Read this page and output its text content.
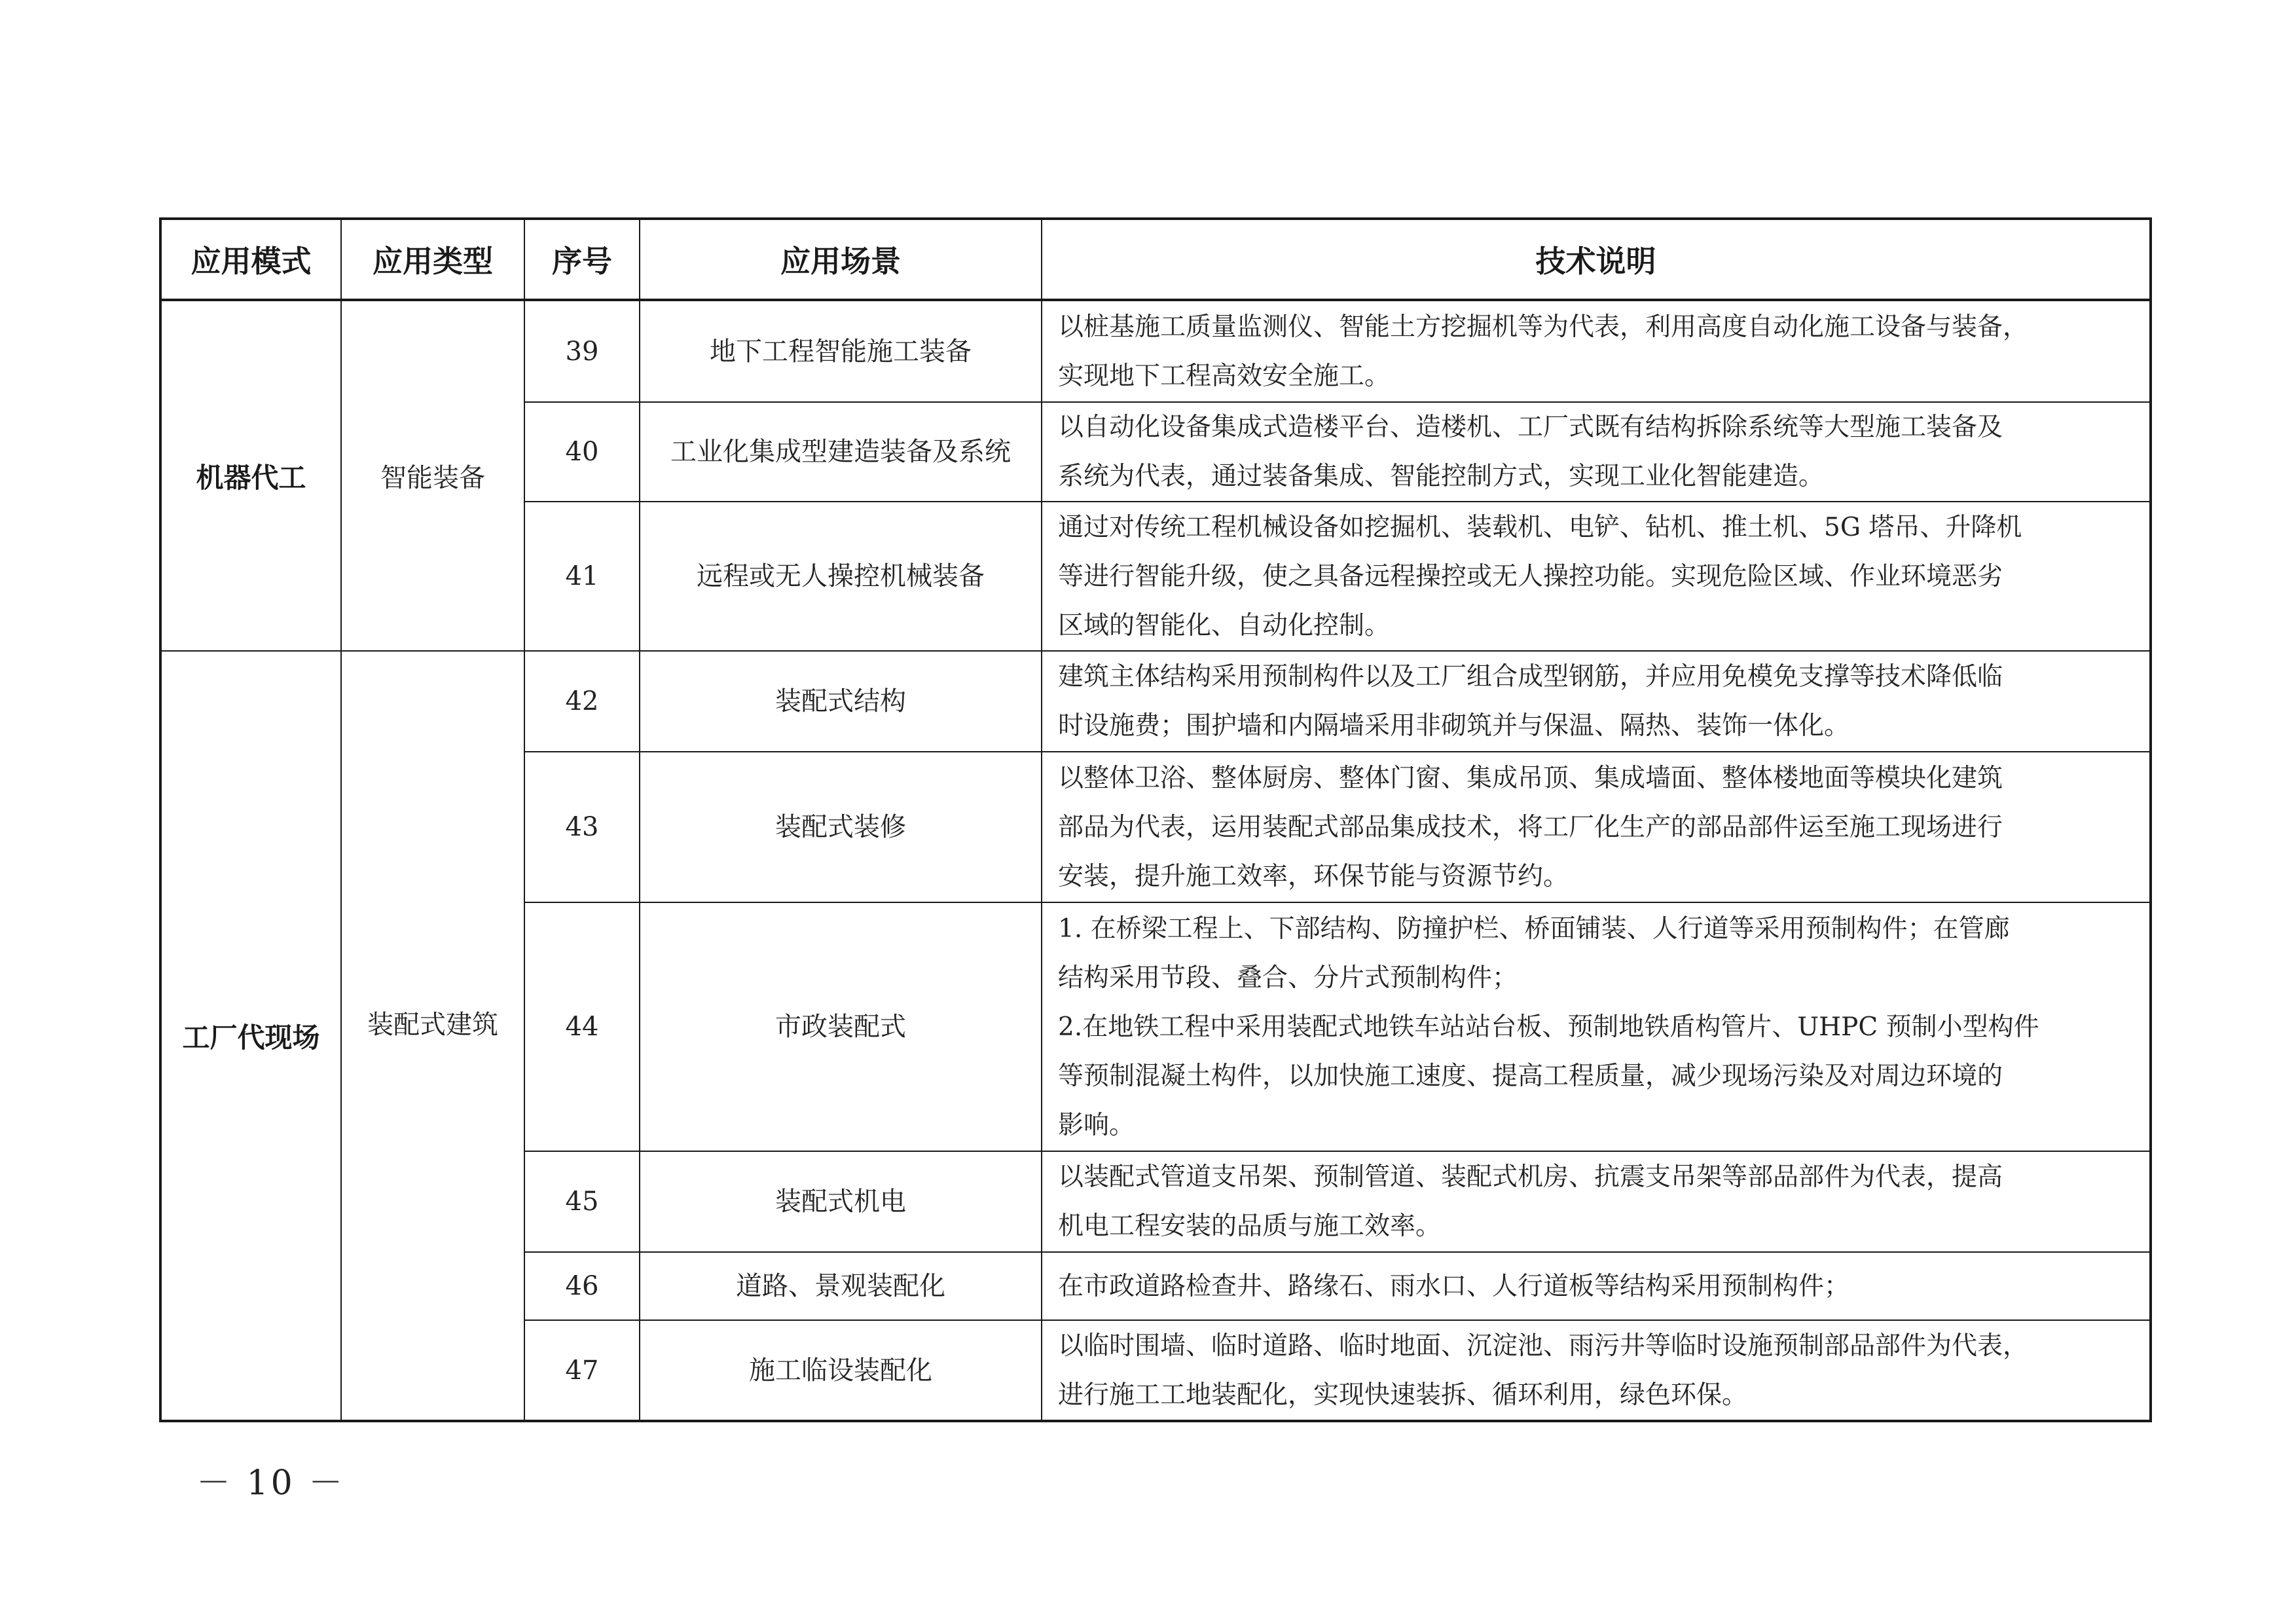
应用模式	应用类型	序号	应用场景	技术说明
机器代工	智能装备	39	地下工程智能施工装备	以桩基施工质量监测仪、智能土方挖掘机等为代表，利用高度自动化施工设备与装备，
实现地下工程高效安全施工。

		40	工业化集成型建造装备及系统	以自动化设备集成式造楼平台、造楼机、工厂式既有结构拆除系统等大型施工装备及
系统为代表，通过装备集成、智能控制方式，实现工业化智能建造。

		41	远程或无人操控机械装备	通过对传统工程机械设备如挖掘机、装载机、电铲、钻机、推土机、5G 塔吊、升降机
等进行智能升级，使之具备远程操控或无人操控功能。实现危险区域、作业环境恶劣
区域的智能化、自动化控制。

工厂代现场	装配式建筑	42	装配式结构	建筑主体结构采用预制构件以及工厂组合成型钢筋，并应用免模免支撑等技术降低临
时设施费；围护墙和内隔墙采用非砌筑并与保温、隔热、装饰一体化。

		43	装配式装修	以整体卫浴、整体厨房、整体门窗、集成吊顶、集成墙面、整体楼地面等模块化建筑
部品为代表，运用装配式部品集成技术，将工厂化生产的部品部件运至施工现场进行
安装，提升施工效率，环保节能与资源节约。

		44	市政装配式	1. 在桥梁工程上、下部结构、防撞护栏、桥面铺装、人行道等采用预制构件；在管廊
结构采用节段、叠合、分片式预制构件；
2.在地铁工程中采用装配式地铁车站站台板、预制地铁盾构管片、UHPC 预制小型构件
等预制混凝土构件，以加快施工速度、提高工程质量，减少现场污染及对周边环境的
影响。

		45	装配式机电	以装配式管道支吊架、预制管道、装配式机房、抗震支吊架等部品部件为代表，提高
机电工程安装的品质与施工效率。

		46	道路、景观装配化	在市政道路检查井、路缘石、雨水口、人行道板等结构采用预制构件；

		47	施工临设装配化	以临时围墙、临时道路、临时地面、沉淀池、雨污井等临时设施预制部品部件为代表，
进行施工工地装配化，实现快速装拆、循环利用，绿色环保。
－ 10 －
